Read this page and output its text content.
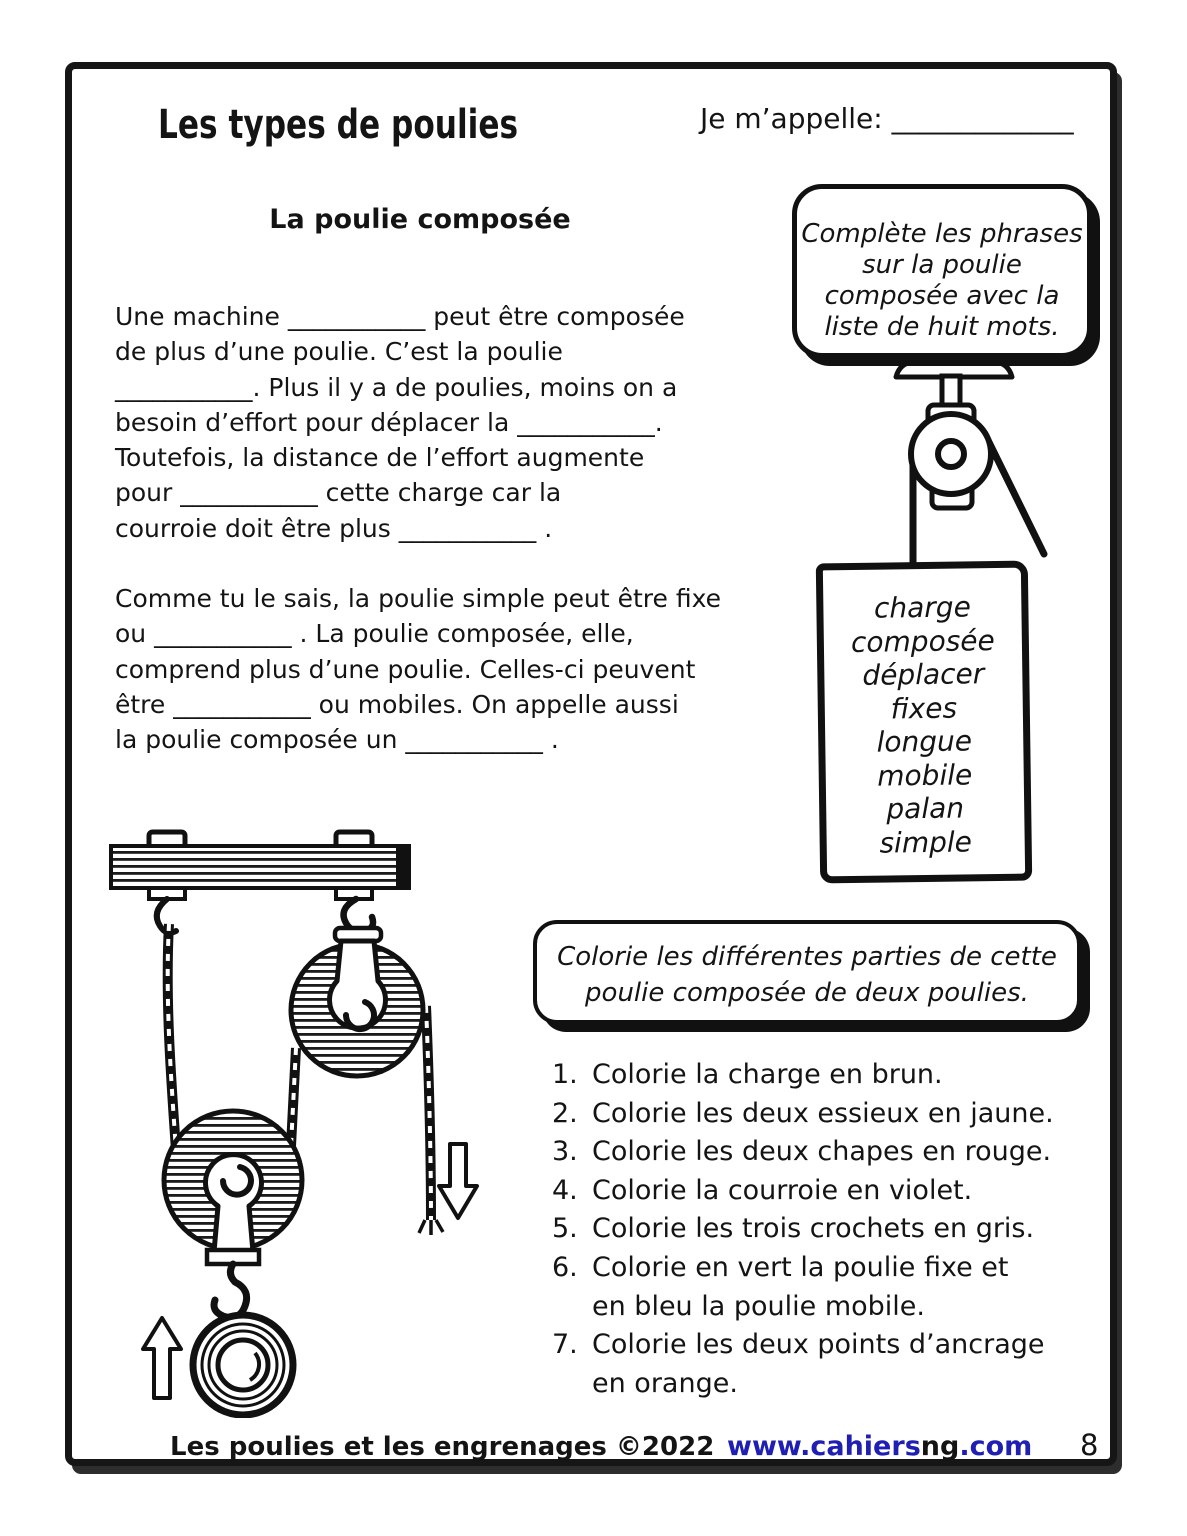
Les types de poulies	Je m’appelle: _____________
La poulie composée
Une machine ___________ peut être composée
de plus d’une poulie. C’est la poulie
___________. Plus il y a de poulies, moins on a
besoin d’effort pour déplacer la ___________.
Toutefois, la distance de l’effort augmente
pour ___________ cette charge car la
courroie doit être plus ___________ .
Comme tu le sais, la poulie simple peut être fixe
ou ___________ . La poulie composée, elle,
comprend plus d’une poulie. Celles-ci peuvent
être ___________ ou mobiles. On appelle aussi
la poulie composée un ___________ .
Complète les phrases
sur la poulie
composée avec la
liste de huit mots.
charge
composée
déplacer
fixes
longue
mobile
palan
simple
Colorie les différentes parties de cette
poulie composée de deux poulies.
1. Colorie la charge en brun.
2. Colorie les deux essieux en jaune.
3. Colorie les deux chapes en rouge.
4. Colorie la courroie en violet.
5. Colorie les trois crochets en gris.
6. Colorie en vert la poulie fixe et
en bleu la poulie mobile.
7. Colorie les deux points d’ancrage
en orange.
Les poulies et les engrenages ©2022 www.cahiersng.com 8
